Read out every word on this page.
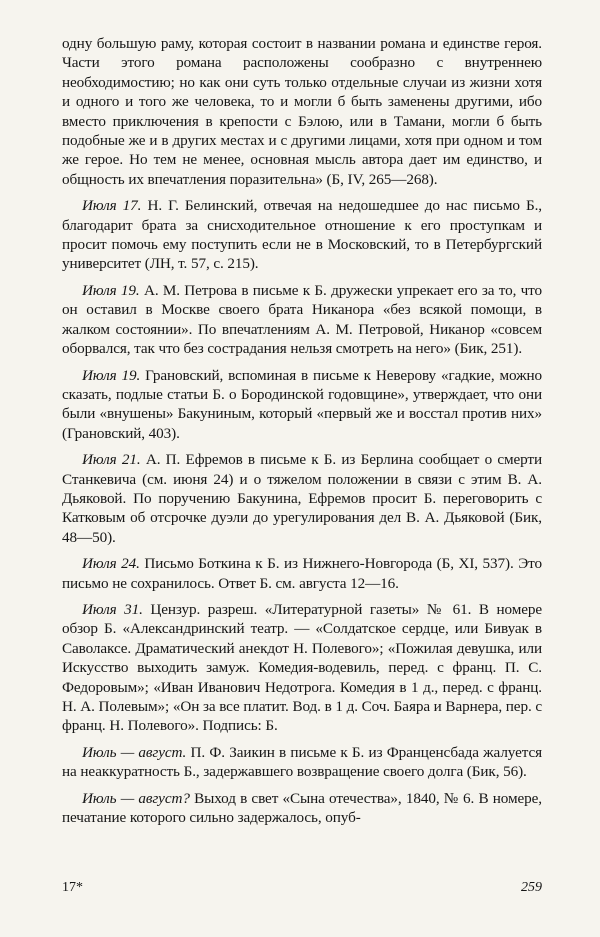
одну большую раму, которая состоит в названии романа и единстве героя. Части этого романа расположены сообразно с внутреннею необходимостию; но как они суть только отдельные случаи из жизни хотя и одного и того же человека, то и могли б быть заменены другими, ибо вместо приключения в крепости с Бэлою, или в Тамани, могли б быть подобные же и в других местах и с другими лицами, хотя при одном и том же герое. Но тем не менее, основная мысль автора дает им единство, и общность их впечатления поразительна» (Б, IV, 265—268).

Июля 17. Н. Г. Белинский, отвечая на недошедшее до нас письмо Б., благодарит брата за снисходительное отношение к его проступкам и просит помочь ему поступить если не в Московский, то в Петербургский университет (ЛН, т. 57, с. 215).

Июля 19. А. М. Петрова в письме к Б. дружески упрекает его за то, что он оставил в Москве своего брата Никанора «без всякой помощи, в жалком состоянии». По впечатлениям А. М. Петровой, Никанор «совсем оборвался, так что без сострадания нельзя смотреть на него» (Бик, 251).

Июля 19. Грановский, вспоминая в письме к Неверову «гадкие, можно сказать, подлые статьи Б. о Бородинской годовщине», утверждает, что они были «внушены» Бакуниным, который «первый же и восстал против них» (Грановский, 403).

Июля 21. А. П. Ефремов в письме к Б. из Берлина сообщает о смерти Станкевича (см. июня 24) и о тяжелом положении в связи с этим В. А. Дьяковой. По поручению Бакунина, Ефремов просит Б. переговорить с Катковым об отсрочке дуэли до урегулирования дел В. А. Дьяковой (Бик, 48—50).

Июля 24. Письмо Боткина к Б. из Нижнего-Новгорода (Б, XI, 537). Это письмо не сохранилось. Ответ Б. см. августа 12—16.

Июля 31. Цензур. разреш. «Литературной газеты» № 61. В номере обзор Б. «Александринский театр. — «Солдатское сердце, или Бивуак в Саволаксе. Драматический анекдот Н. Полевого»; «Пожилая девушка, или Искусство выходить замуж. Комедия-водевиль, перед. с франц. П. С. Федоровым»; «Иван Иванович Недотрога. Комедия в 1 д., перед. с франц. Н. А. Полевым»; «Он за все платит. Вод. в 1 д. Соч. Баяра и Варнера, пер. с франц. Н. Полевого». Подпись: Б.

Июль — август. П. Ф. Заикин в письме к Б. из Франценсбада жалуется на неаккуратность Б., задержавшего возвращение своего долга (Бик, 56).

Июль — август? Выход в свет «Сына отечества», 1840, № 6. В номере, печатание которого сильно задержалось, опуб-

17*	259
